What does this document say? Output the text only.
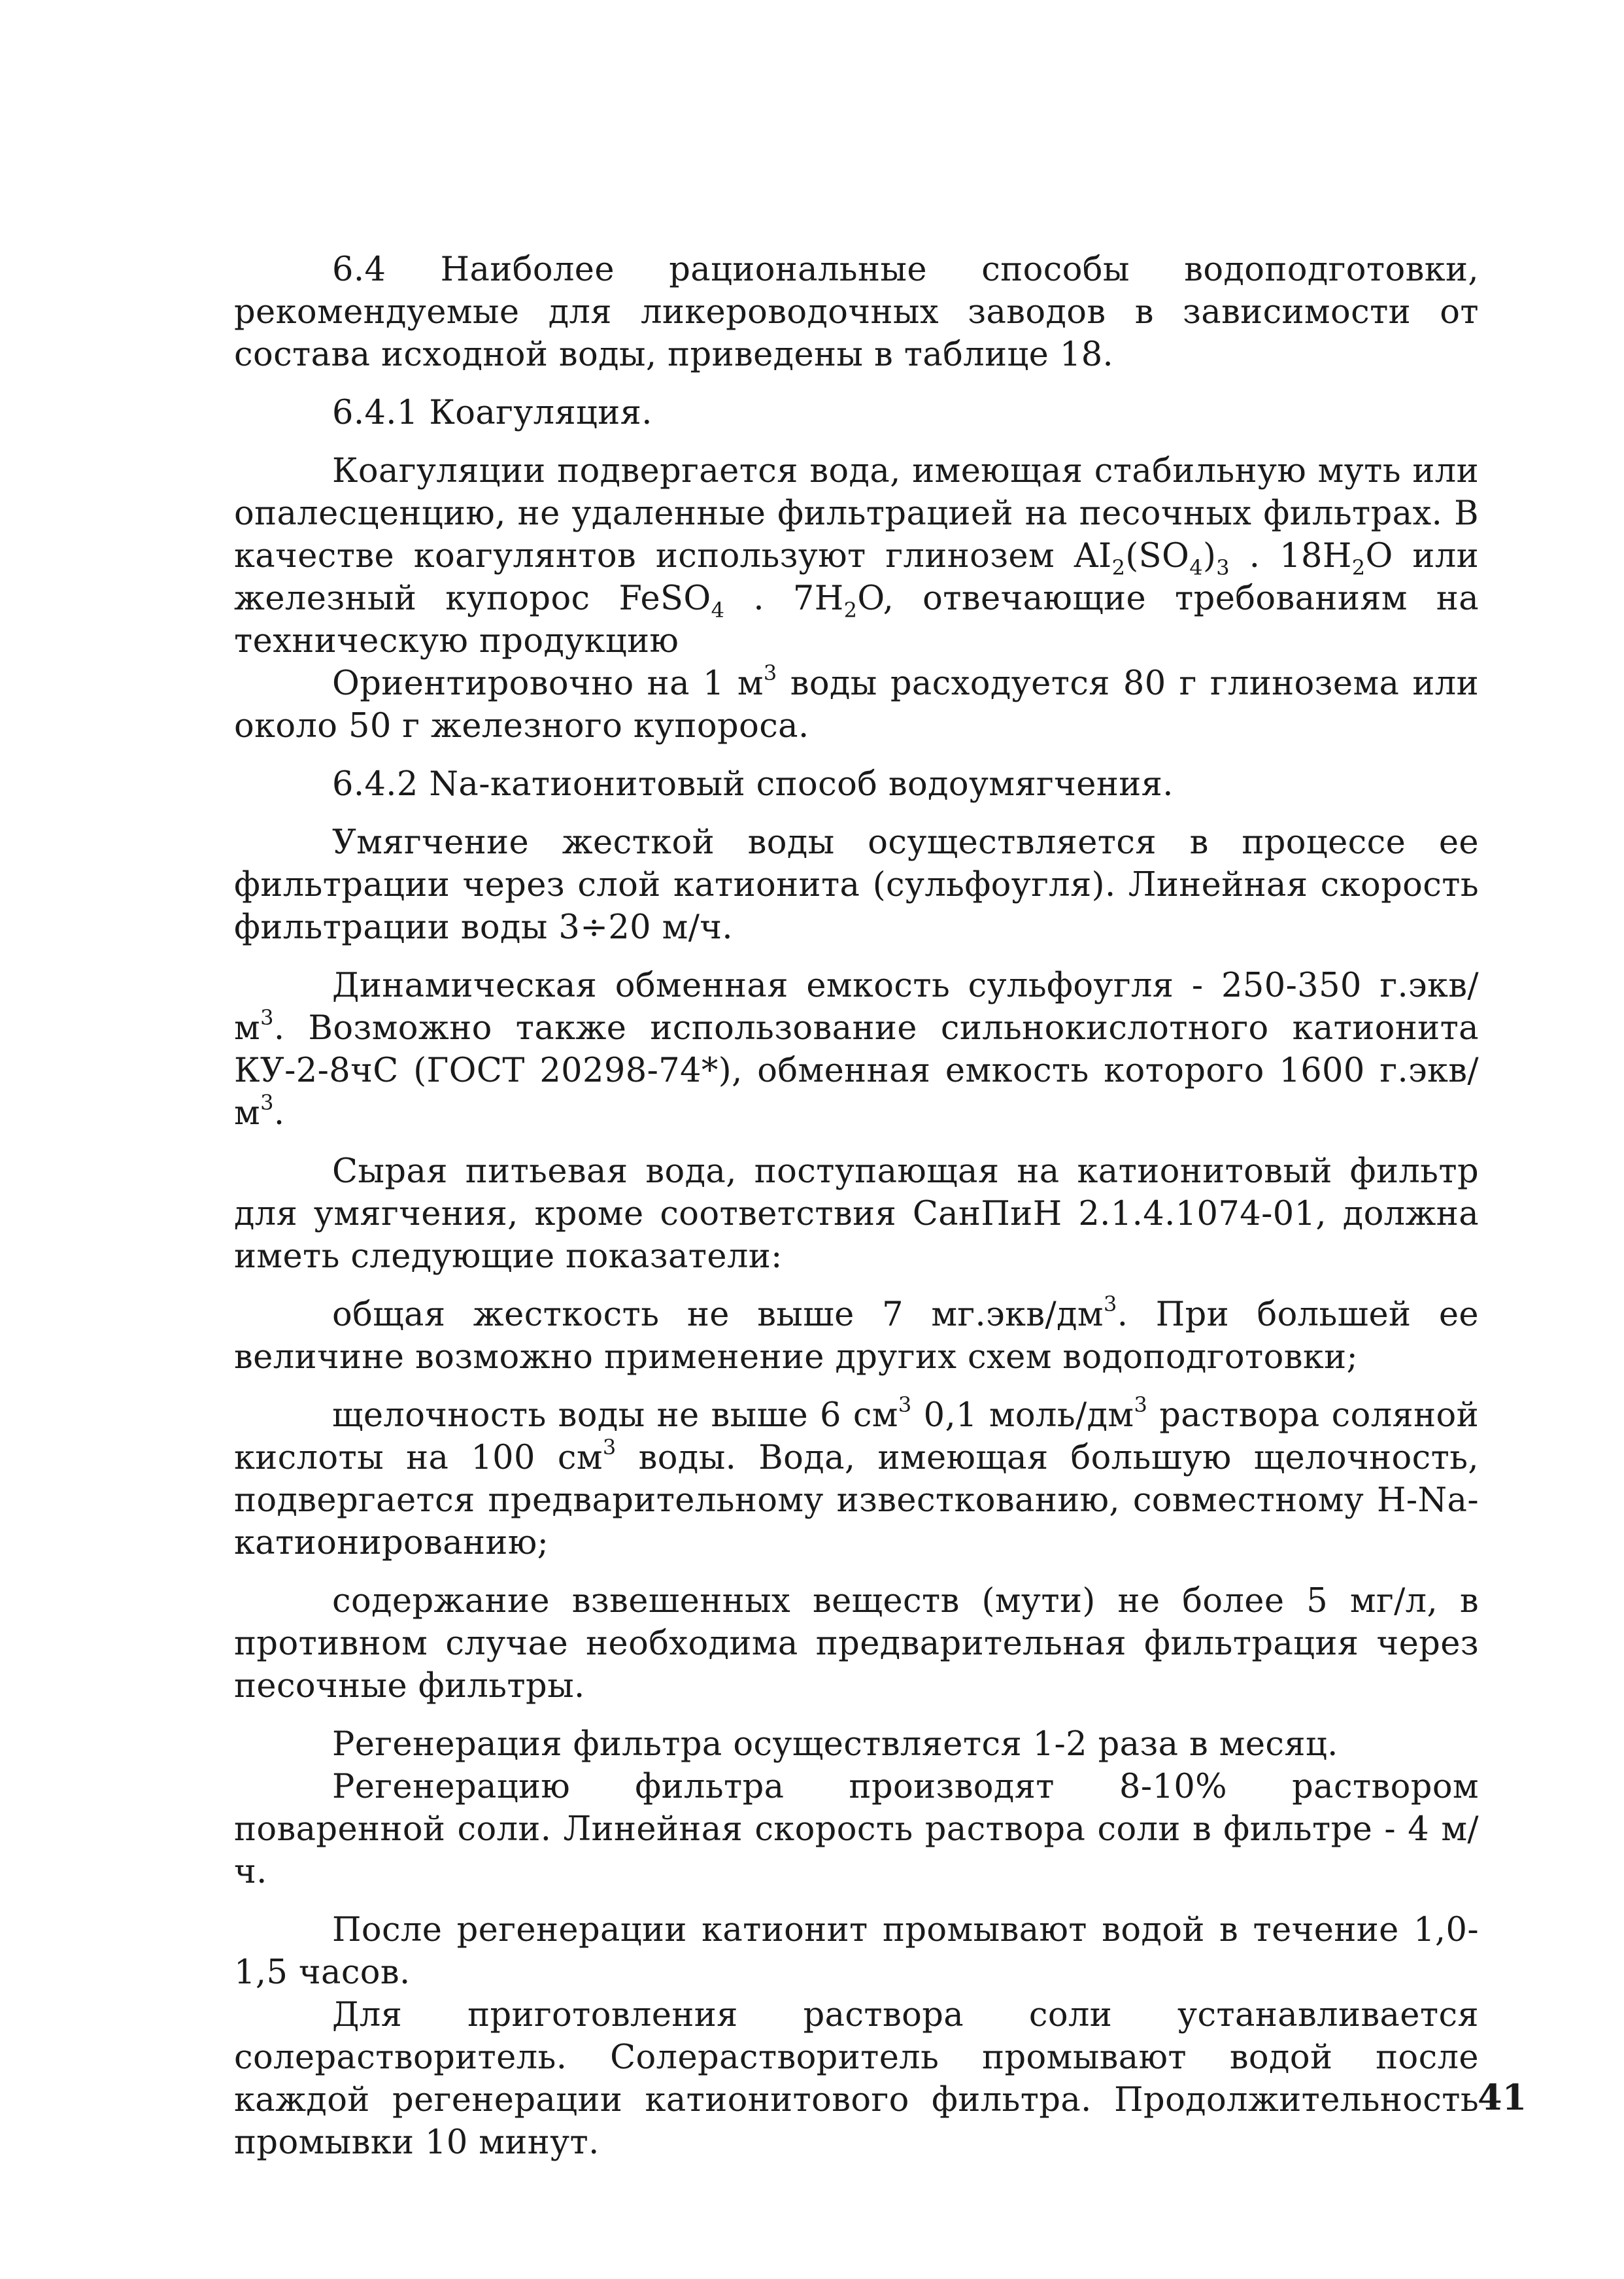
6.4 Наиболее рациональные способы водоподготовки, рекомендуемые для ликероводочных заводов в зависимости от состава исходной воды, приведены в таблице 18.

6.4.1 Коагуляция.

Коагуляции подвергается вода, имеющая стабильную муть или опалесценцию, не удаленные фильтрацией на песочных фильтрах. В качестве коагулянтов используют глинозем $AI_2(SO_4)_3$ . $18H_2O$ или железный купорос FeSO$_4$ . $7H_2O$, отвечающие требованиям на техническую продукцию

Ориентировочно на 1 $м^3$ воды расходуется 80 г глинозема или около 50 г железного купороса.

6.4.2 Na-катионитовый способ водоумягчения.

Умягчение жесткой воды осуществляется в процессе ее фильтрации через слой катионита (сульфоугля). Линейная скорость фильтрации воды 3÷20 м/ч.

Динамическая обменная емкость сульфоугля - 250-350 $г.экв/м^3$. Возможно также использование сильнокислотного катионита КУ-2-8чС (ГОСТ 20298-74*), обменная емкость которого 1600 $г.экв/м^3$.

Сырая питьевая вода, поступающая на катионитовый фильтр для умягчения, кроме соответствия СанПиН 2.1.4.1074-01, должна иметь следующие показатели:

общая жесткость не выше 7 $мг.экв/дм^3$. При большей ее величине возможно применение других схем водоподготовки;

щелочность воды не выше 6 $см^3$ 0,1 моль/$дм^3$ раствора соляной кислоты на 100 $см^3$ воды. Вода, имеющая большую щелочность, подвергается предварительному известкованию, совместному H-Na-катионированию;

содержание взвешенных веществ (мути) не более 5 мг/л, в противном случае необходима предварительная фильтрация через песочные фильтры.

Регенерация фильтра осуществляется 1-2 раза в месяц.

Регенерацию фильтра производят 8-10% раствором поваренной соли. Линейная скорость раствора соли в фильтре - 4 м/ч.

После регенерации катионит промывают водой в течение 1,0-1,5 часов.

Для приготовления раствора соли устанавливается солерастворитель. Солерастворитель промывают водой после каждой регенерации катионитового фильтра. Продолжительность промывки 10 минут.

41
